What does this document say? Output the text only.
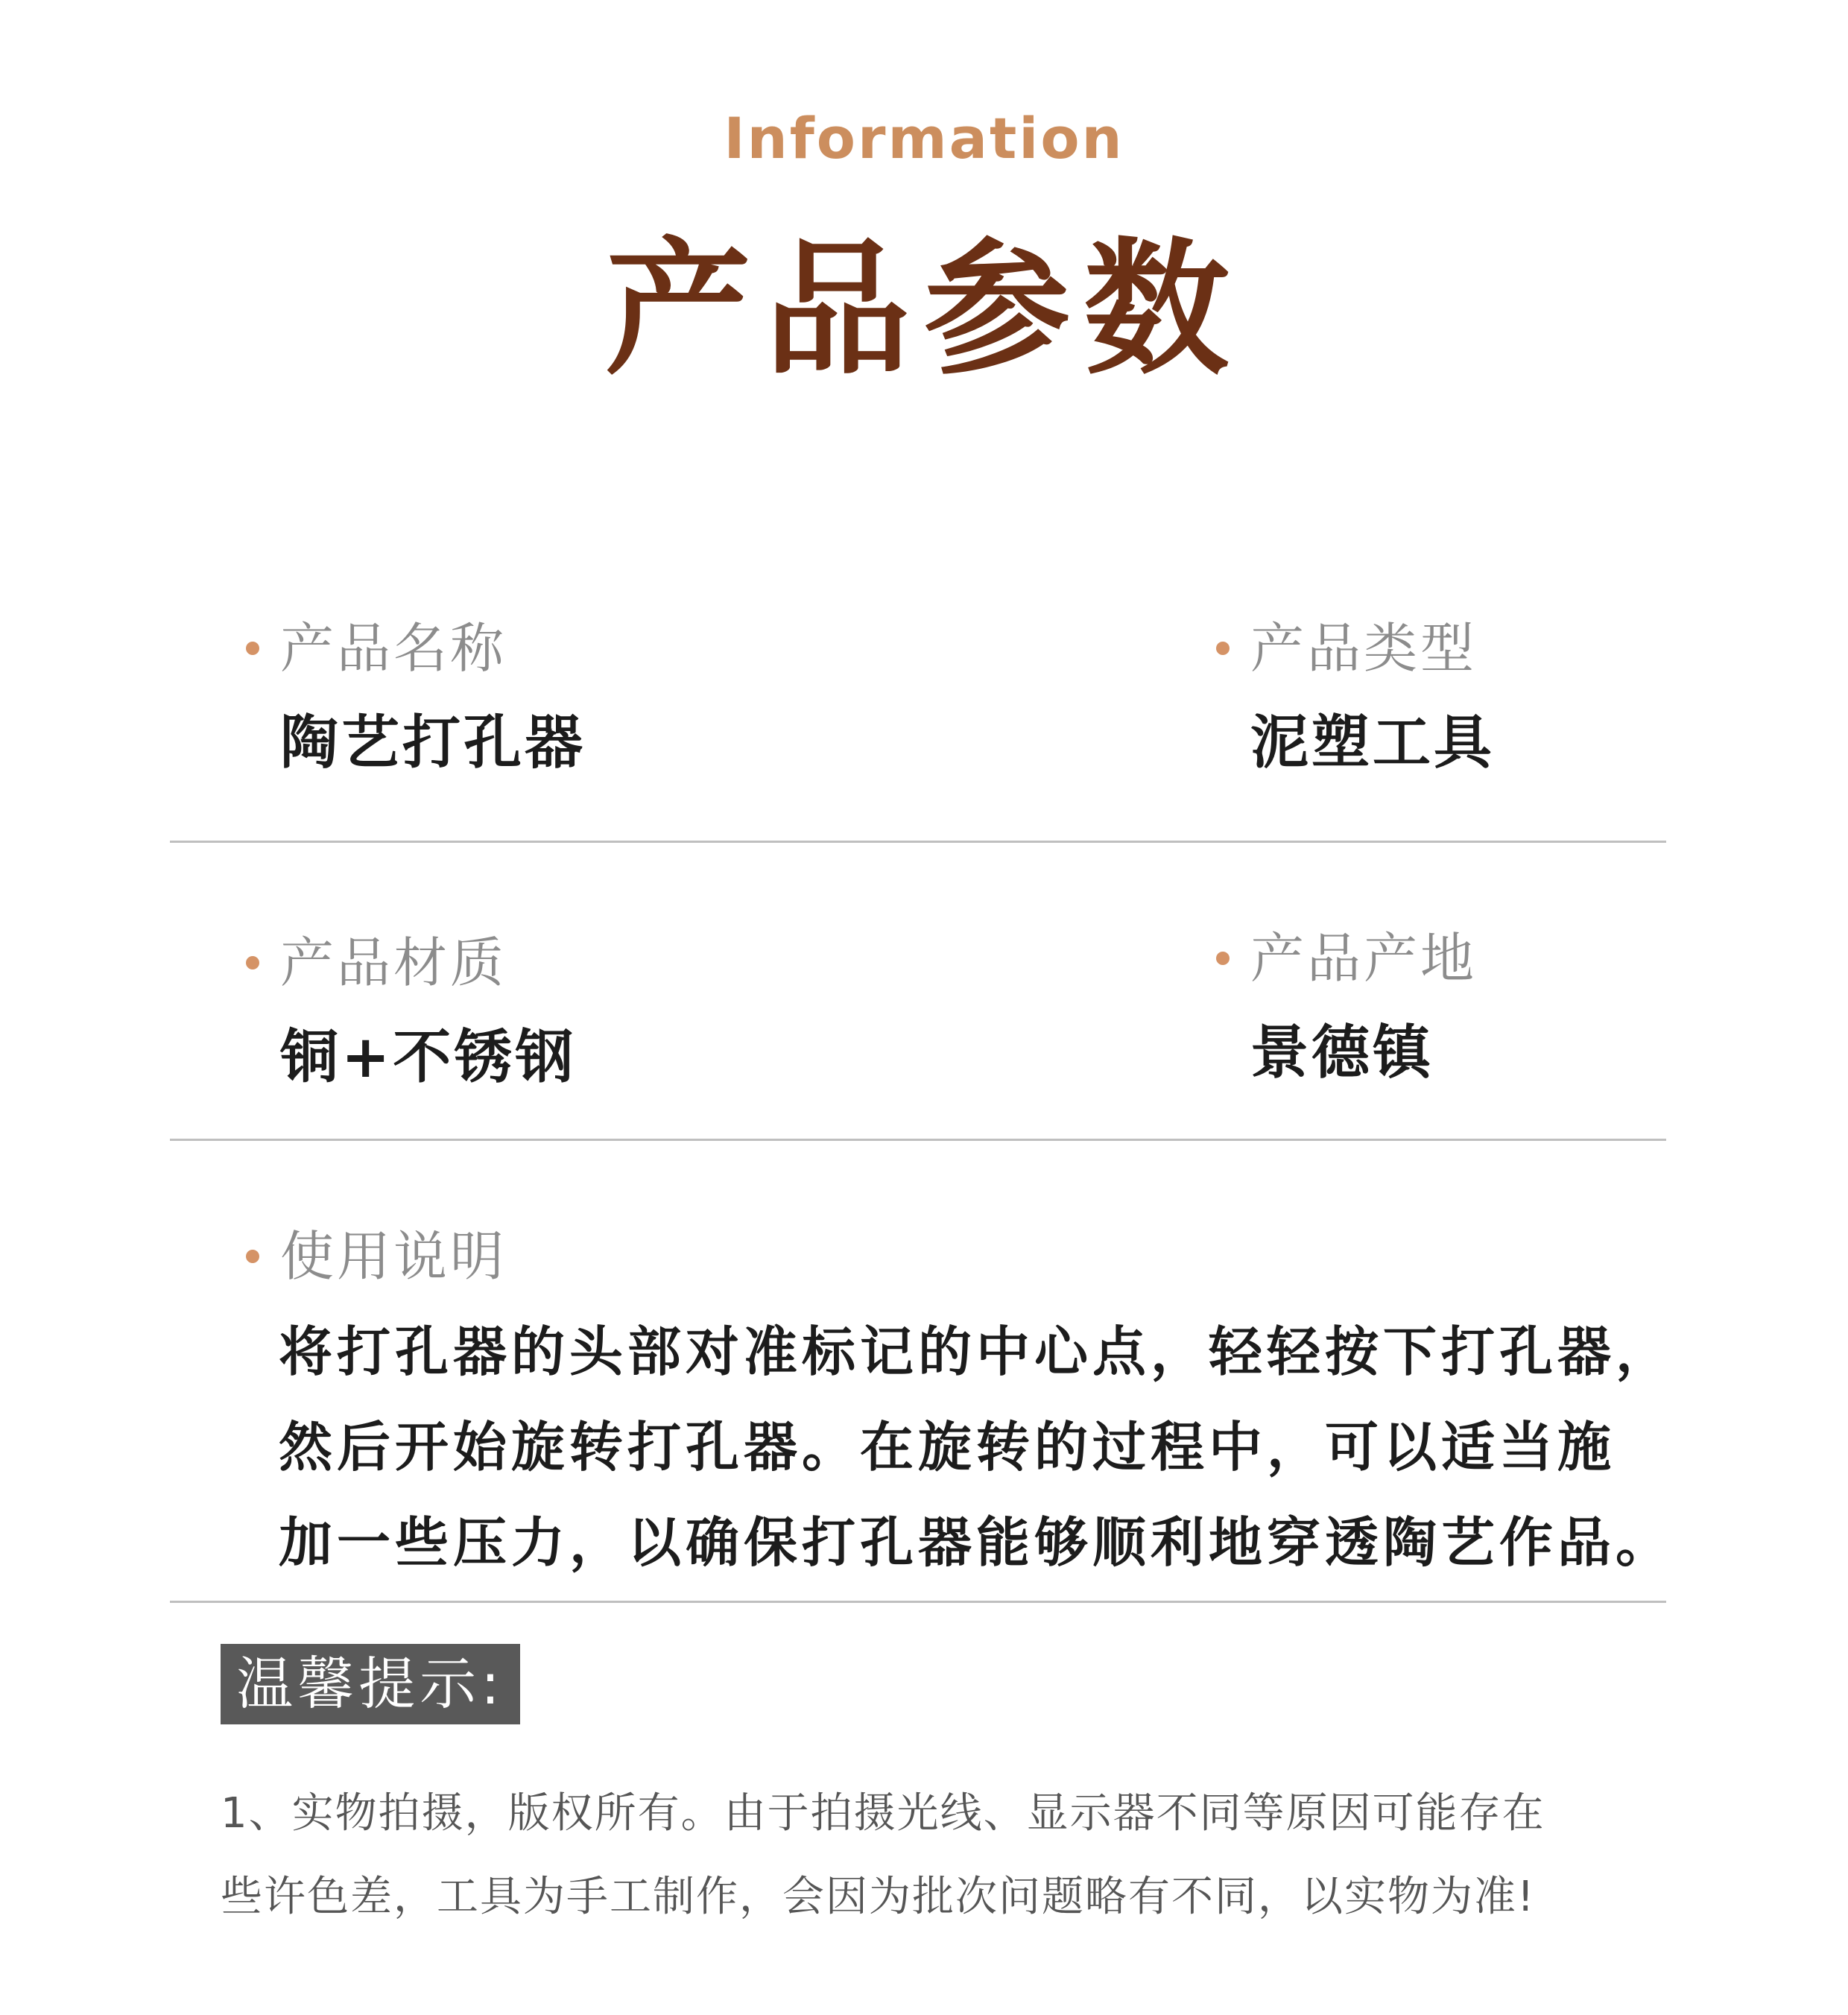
Information
产品参数
产品名称
陶艺打孔器
产品类型
泥塑工具
产品材质
铜+不锈钢
产品产地
景德镇
使用说明
将打孔器的头部对准标记的中心点，轻轻按下打孔器，
然后开始旋转打孔器。在旋转的过程中，可以适当施
加一些压力，以确保打孔器能够顺利地穿透陶艺作品。
温馨提示:
1、实物拍摄，版权所有。由于拍摄光线、显示器不同等原因可能存在
些许色差，工具为手工制作，会因为批次问题略有不同，以实物为准!
